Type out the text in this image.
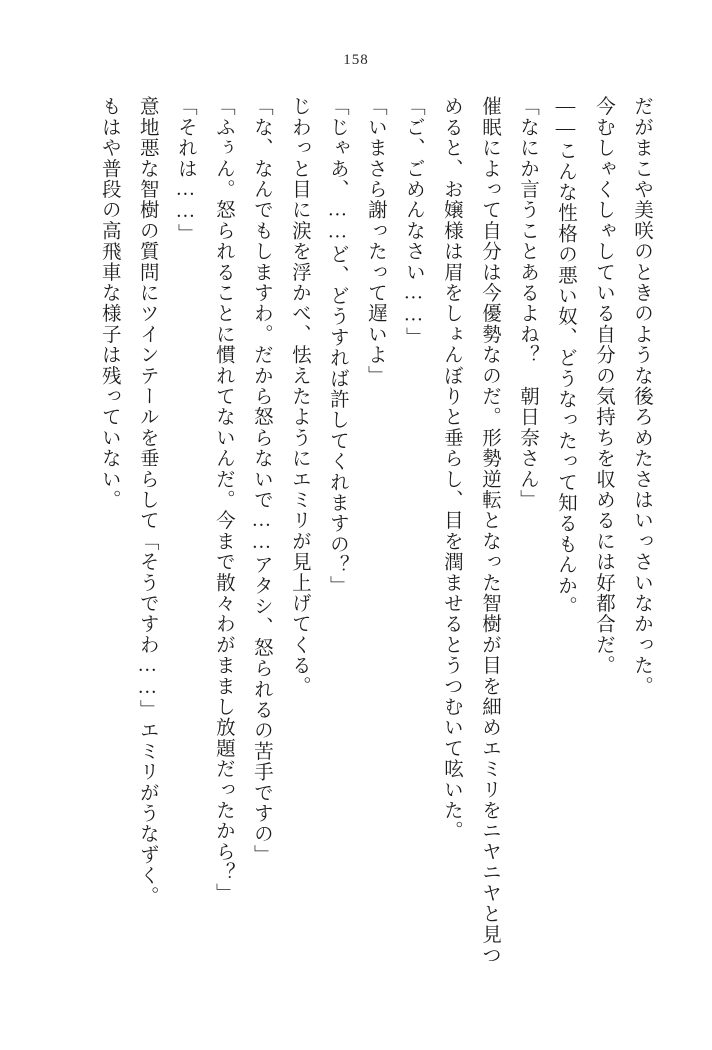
158

だがまこや美咲のときのような後ろめたさはいっさいなかった。

今むしゃくしゃしている自分の気持ちを収めるには好都合だ。

――こんな性格の悪い奴、どうなったって知るもんか。

「なにか言うことあるよね？　朝日奈さん」

催眠によって自分は今優勢なのだ。形勢逆転となった智樹が目を細めエミリをニヤニヤと見つめると、お嬢様は眉をしょんぼりと垂らし、目を潤ませるとうつむいて呟いた。

「ご、ごめんなさい……」

「いまさら謝ったって遅いよ」

「じゃあ、……ど、どうすれば許してくれますの？」

じわっと目に涙を浮かべ、怯えたようにエミリが見上げてくる。

「な、なんでもしますわ。だから怒らないで……アタシ、怒られるの苦手ですの」

「ふぅん。怒られることに慣れてないんだ。今まで散々わがままし放題だったから？」

「それは……」

意地悪な智樹の質問にツインテールを垂らして「そうですわ……」エミリがうなずく。

もはや普段の高飛車な様子は残っていない。
